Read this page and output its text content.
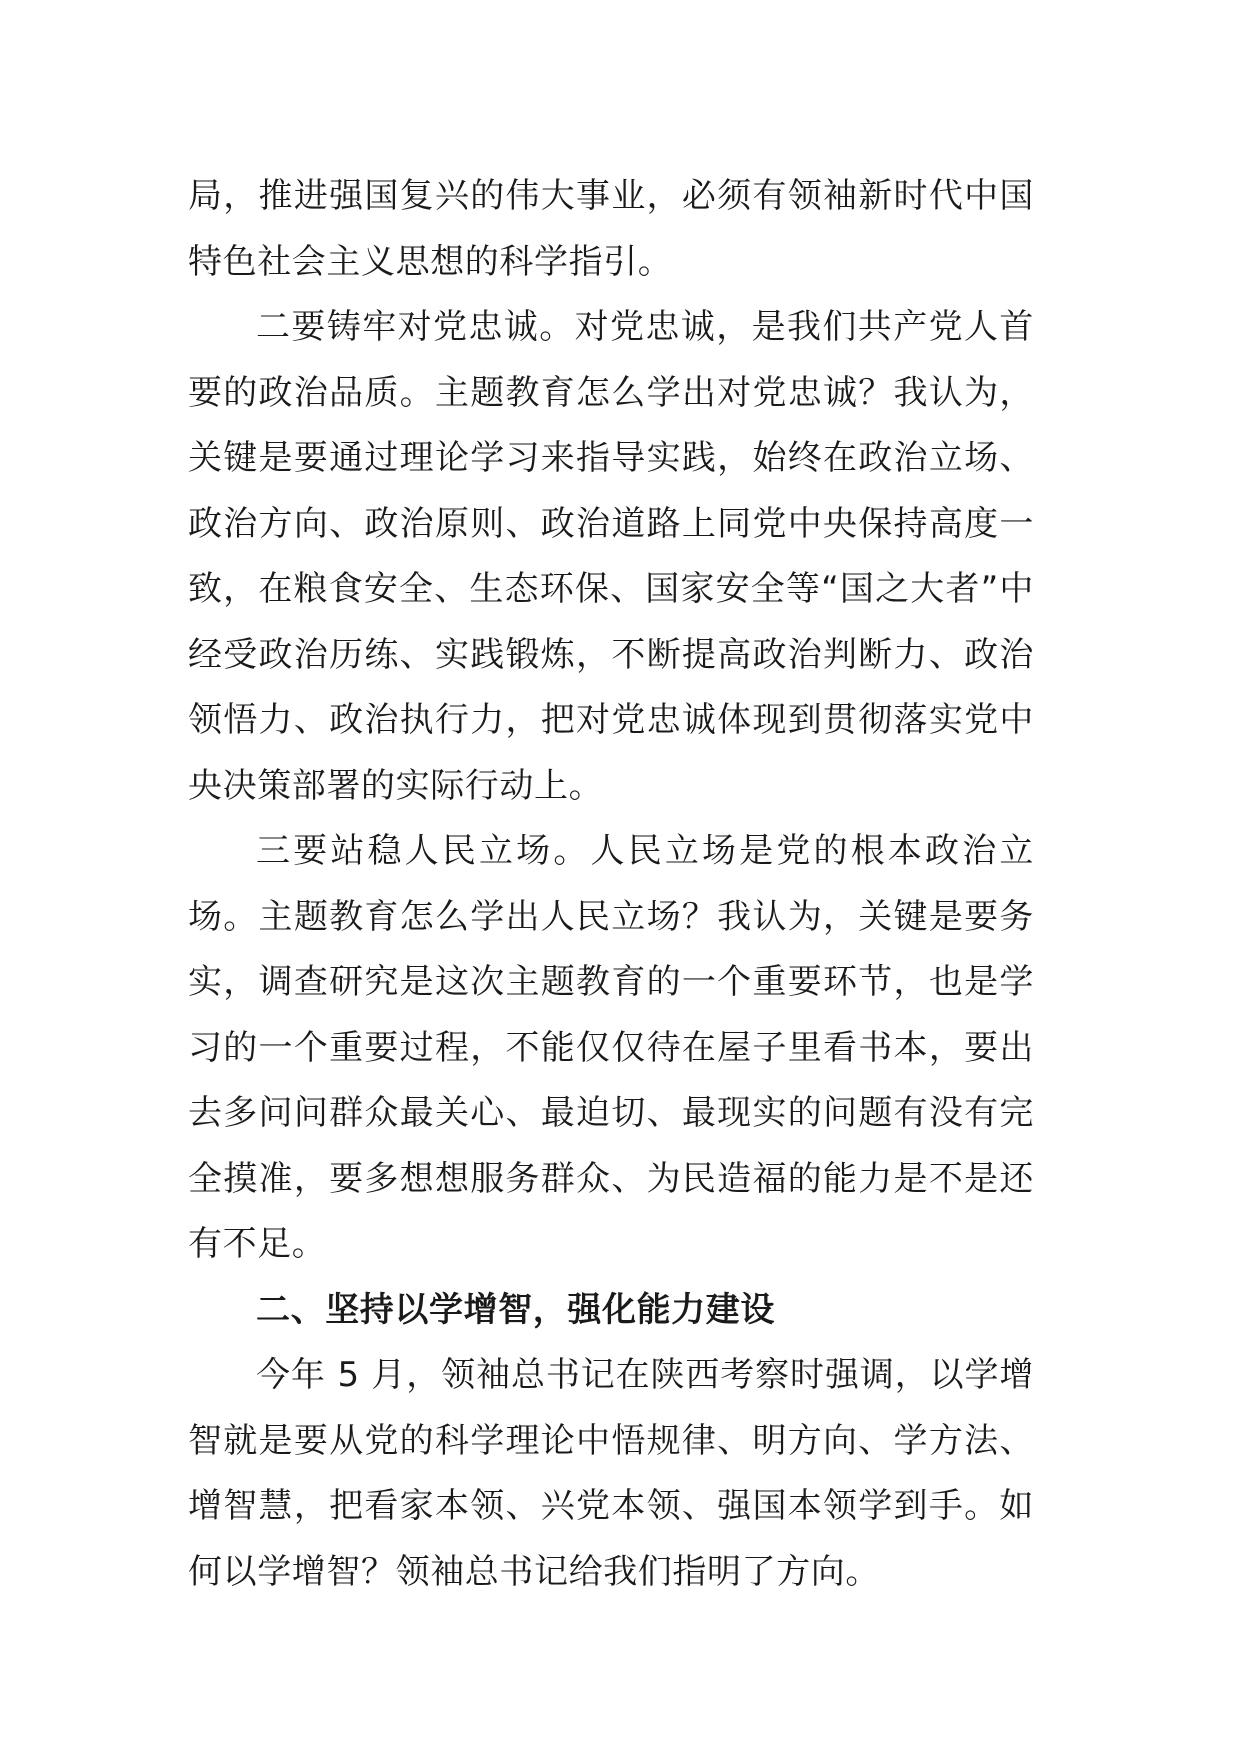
局，推进强国复兴的伟大事业，必须有领袖新时代中国特色社会主义思想的科学指引。

二要铸牢对党忠诚。对党忠诚，是我们共产党人首要的政治品质。主题教育怎么学出对党忠诚？我认为，关键是要通过理论学习来指导实践，始终在政治立场、政治方向、政治原则、政治道路上同党中央保持高度一致，在粮食安全、生态环保、国家安全等“国之大者”中经受政治历练、实践锻炼，不断提高政治判断力、政治领悟力、政治执行力，把对党忠诚体现到贯彻落实党中央决策部署的实际行动上。

三要站稳人民立场。人民立场是党的根本政治立场。主题教育怎么学出人民立场？我认为，关键是要务实，调查研究是这次主题教育的一个重要环节，也是学习的一个重要过程，不能仅仅待在屋子里看书本，要出去多问问群众最关心、最迫切、最现实的问题有没有完全摸准，要多想想服务群众、为民造福的能力是不是还有不足。

二、坚持以学增智，强化能力建设

今年 5 月，领袖总书记在陕西考察时强调，以学增智就是要从党的科学理论中悟规律、明方向、学方法、增智慧，把看家本领、兴党本领、强国本领学到手。如何以学增智？领袖总书记给我们指明了方向。
